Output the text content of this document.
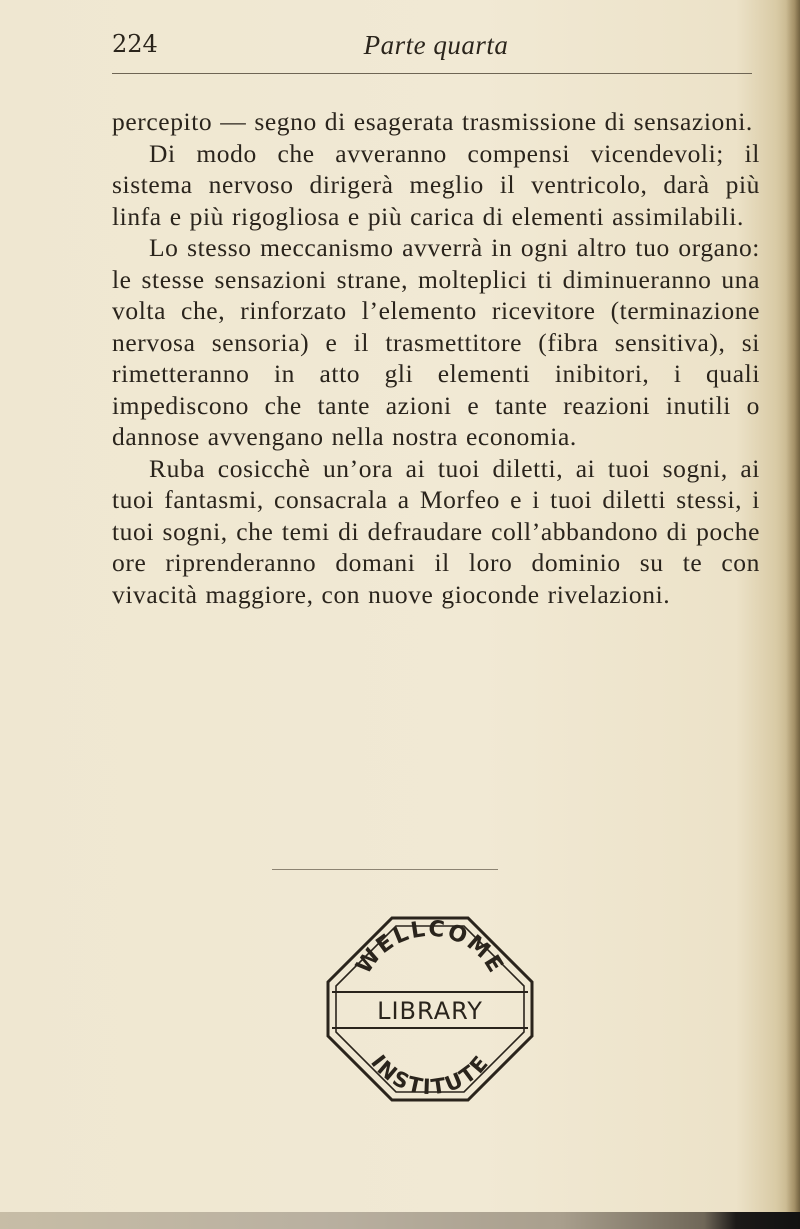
224	Parte quarta

percepito — segno di esagerata trasmissione di sensazioni.

Di modo che avveranno compensi vicendevoli; il sistema nervoso dirigerà meglio il ventricolo, darà più linfa e più rigogliosa e più carica di elementi assimilabili.

Lo stesso meccanismo avverrà in ogni altro tuo organo: le stesse sensazioni strane, molteplici ti diminueranno una volta che, rinforzato l’elemento ricevitore (terminazione nervosa sensoria) e il trasmettitore (fibra sensitiva), si rimetteranno in atto gli elementi inibitori, i quali impediscono che tante azioni e tante reazioni inutili o dannose avvengano nella nostra economia.

Ruba cosicchè un’ora ai tuoi diletti, ai tuoi sogni, ai tuoi fantasmi, consacrala a Morfeo e i tuoi diletti stessi, i tuoi sogni, che temi di defraudare coll’abbandono di poche ore riprenderanno domani il loro dominio su te con vivacità maggiore, con nuove gioconde rivelazioni.

WELLCOME
LIBRARY
INSTITUTE
